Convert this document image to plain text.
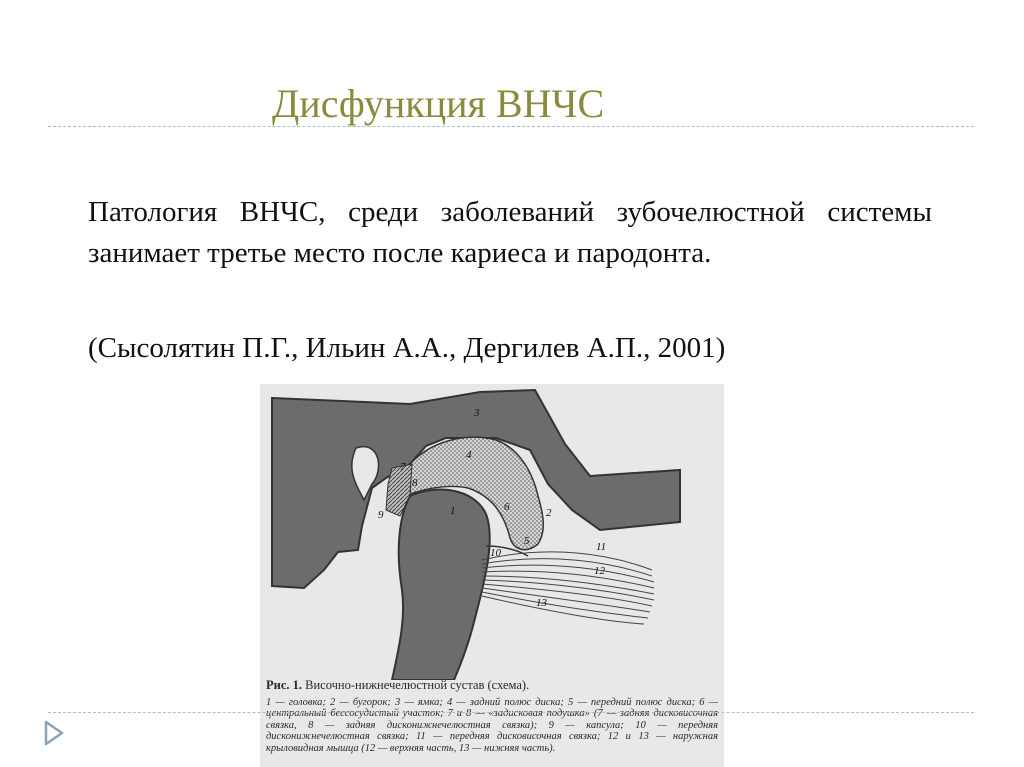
Дисфункция ВНЧС

Патология ВНЧС, среди заболеваний зубочелюстной системы занимает третье место после кариеса и пародонта.

(Сысолятин П.Г., Ильин А.А., Дергилев А.П., 2001)

1	2
3
4
5
6
7
8
9
10	11
12
13
Рис. 1. Височно-нижнечелюстной сустав (схема).
1 — головка; 2 — бугорок; 3 — ямка; 4 — задний полюс диска; 5 — передний полюс диска; 6 — центральный бессосудистый участок; 7 и 8 — «задисковая подушка» (7 — задняя дисковисочная связка, 8 — задняя дисконижнечелюстная связка); 9 — капсула; 10 — передняя дисконижнечелюстная связка; 11 — передняя дисковисочная связка; 12 и 13 — наружная крыловидная мышца (12 — верхняя часть, 13 — нижняя часть).
